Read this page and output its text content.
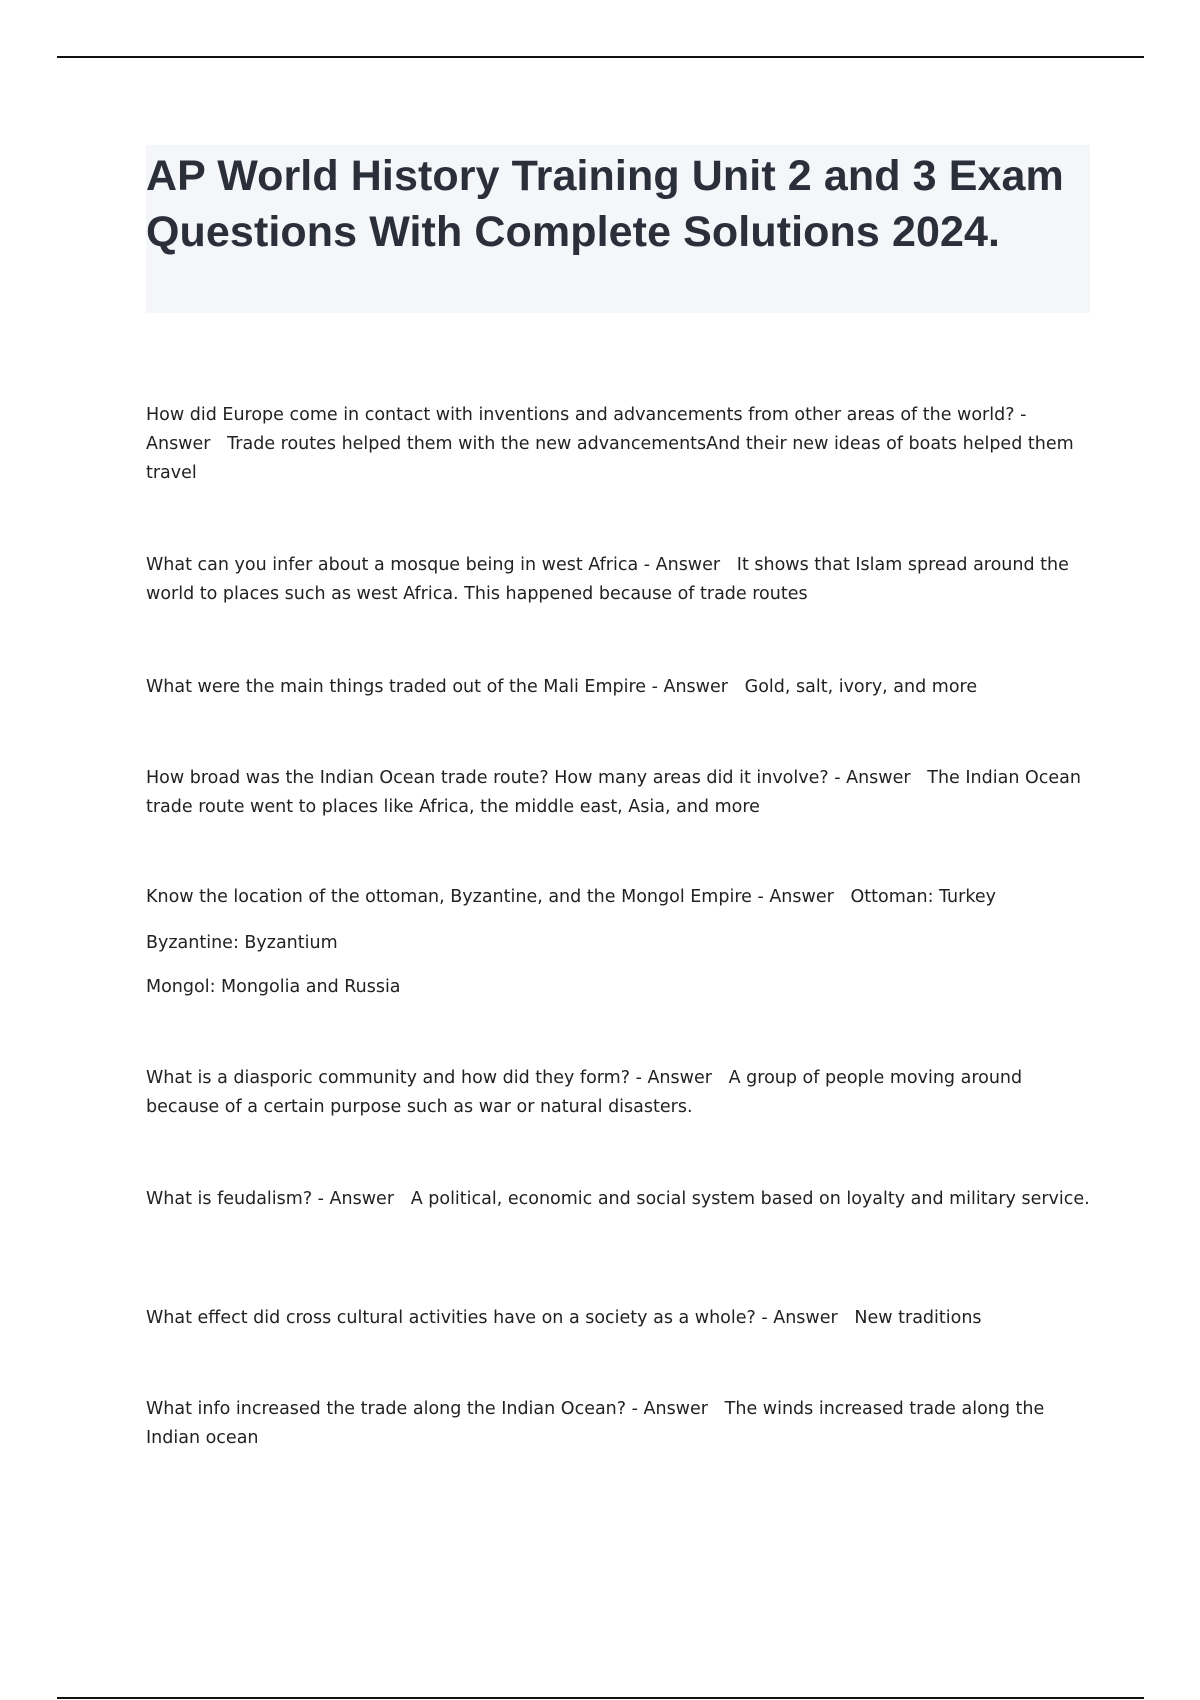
AP World History Training Unit 2 and 3 Exam Questions With Complete Solutions 2024.

How did Europe come in contact with inventions and advancements from other areas of the world? - Answer Trade routes helped them with the new advancementsAnd their new ideas of boats helped them travel

What can you infer about a mosque being in west Africa - Answer It shows that Islam spread around the world to places such as west Africa. This happened because of trade routes

What were the main things traded out of the Mali Empire - Answer Gold, salt, ivory, and more

How broad was the Indian Ocean trade route? How many areas did it involve? - Answer The Indian Ocean trade route went to places like Africa, the middle east, Asia, and more

Know the location of the ottoman, Byzantine, and the Mongol Empire - Answer Ottoman: Turkey

Byzantine: Byzantium

Mongol: Mongolia and Russia

What is a diasporic community and how did they form? - Answer A group of people moving around because of a certain purpose such as war or natural disasters.

What is feudalism? - Answer A political, economic and social system based on loyalty and military service.

What effect did cross cultural activities have on a society as a whole? - Answer New traditions

What info increased the trade along the Indian Ocean? - Answer The winds increased trade along the Indian ocean
